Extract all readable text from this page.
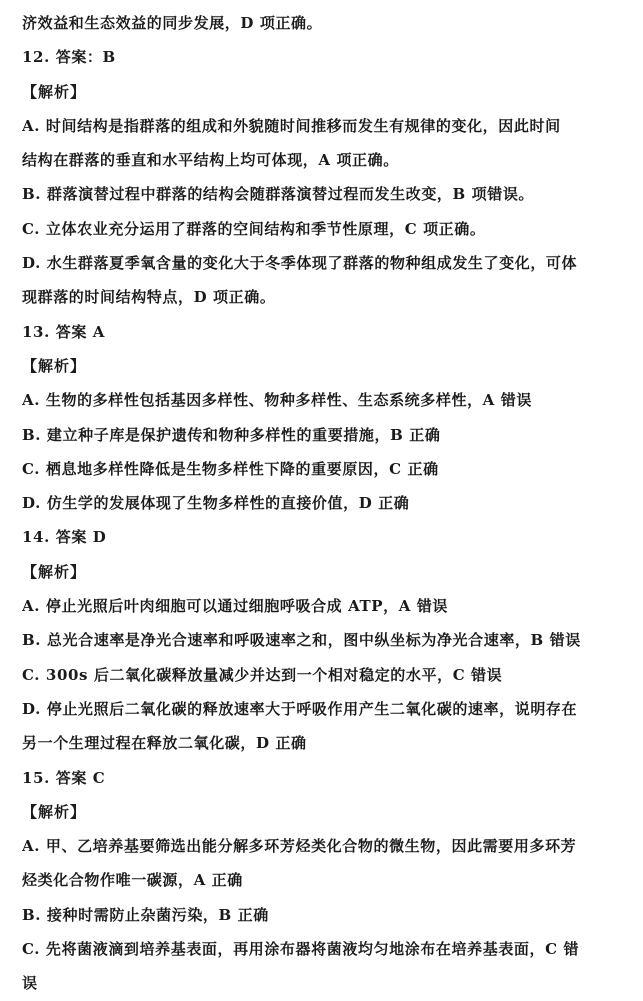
济效益和生态效益的同步发展，D 项正确。
12. 答案：B
【解析】
A. 时间结构是指群落的组成和外貌随时间推移而发生有规律的变化，因此时间
结构在群落的垂直和水平结构上均可体现，A 项正确。
B. 群落演替过程中群落的结构会随群落演替过程而发生改变，B 项错误。
C. 立体农业充分运用了群落的空间结构和季节性原理，C 项正确。
D. 水生群落夏季氧含量的变化大于冬季体现了群落的物种组成发生了变化，可体
现群落的时间结构特点，D 项正确。
13. 答案 A
【解析】
A. 生物的多样性包括基因多样性、物种多样性、生态系统多样性，A 错误
B. 建立种子库是保护遗传和物种多样性的重要措施，B 正确
C. 栖息地多样性降低是生物多样性下降的重要原因，C 正确
D. 仿生学的发展体现了生物多样性的直接价值，D 正确
14. 答案 D
【解析】
A. 停止光照后叶肉细胞可以通过细胞呼吸合成 ATP，A 错误
B. 总光合速率是净光合速率和呼吸速率之和，图中纵坐标为净光合速率，B 错误
C. 300s 后二氧化碳释放量减少并达到一个相对稳定的水平，C 错误
D. 停止光照后二氧化碳的释放速率大于呼吸作用产生二氧化碳的速率，说明存在
另一个生理过程在释放二氧化碳，D 正确
15. 答案 C
【解析】
A. 甲、乙培养基要筛选出能分解多环芳烃类化合物的微生物，因此需要用多环芳
烃类化合物作唯一碳源，A 正确
B. 接种时需防止杂菌污染，B 正确
C. 先将菌液滴到培养基表面，再用涂布器将菌液均匀地涂布在培养基表面，C 错
误
